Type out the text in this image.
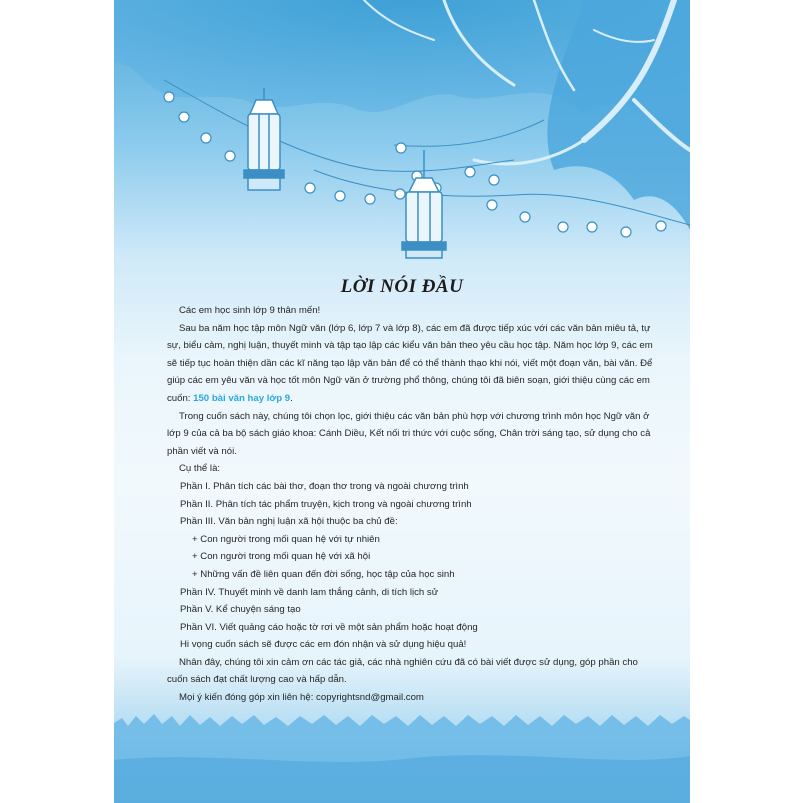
LỜI NÓI ĐẦU

Các em học sinh lớp 9 thân mến!

Sau ba năm học tập môn Ngữ văn (lớp 6, lớp 7 và lớp 8), các em đã được tiếp xúc với các văn bản miêu tả, tự sự, biểu cảm, nghị luận, thuyết minh và tập tạo lập các kiểu văn bản theo yêu cầu học tập. Năm học lớp 9, các em sẽ tiếp tục hoàn thiện dần các kĩ năng tạo lập văn bản để có thể thành thạo khi nói, viết một đoạn văn, bài văn. Để giúp các em yêu văn và học tốt môn Ngữ văn ở trường phổ thông, chúng tôi đã biên soạn, giới thiệu cùng các em cuốn: 150 bài văn hay lớp 9.

Trong cuốn sách này, chúng tôi chọn lọc, giới thiệu các văn bản phù hợp với chương trình môn học Ngữ văn ở lớp 9 của cả ba bộ sách giáo khoa: Cánh Diều, Kết nối tri thức với cuộc sống, Chân trời sáng tạo, sử dụng cho cả phần viết và nói.

Cụ thể là:

Phần I. Phân tích các bài thơ, đoạn thơ trong và ngoài chương trình

Phần II. Phân tích tác phẩm truyện, kịch trong và ngoài chương trình

Phần III. Văn bản nghị luận xã hội thuộc ba chủ đề:

+ Con người trong mối quan hệ với tự nhiên

+ Con người trong mối quan hệ với xã hội

+ Những vấn đề liên quan đến đời sống, học tập của học sinh

Phần IV. Thuyết minh về danh lam thắng cảnh, di tích lịch sử

Phần V. Kể chuyện sáng tạo

Phần VI. Viết quảng cáo hoặc tờ rơi về một sản phẩm hoặc hoạt động

Hi vọng cuốn sách sẽ được các em đón nhận và sử dụng hiệu quả!

Nhân đây, chúng tôi xin cảm ơn các tác giả, các nhà nghiên cứu đã có bài viết được sử dụng, góp phần cho cuốn sách đạt chất lượng cao và hấp dẫn.

Mọi ý kiến đóng góp xin liên hệ: copyrightsnd@gmail.com
